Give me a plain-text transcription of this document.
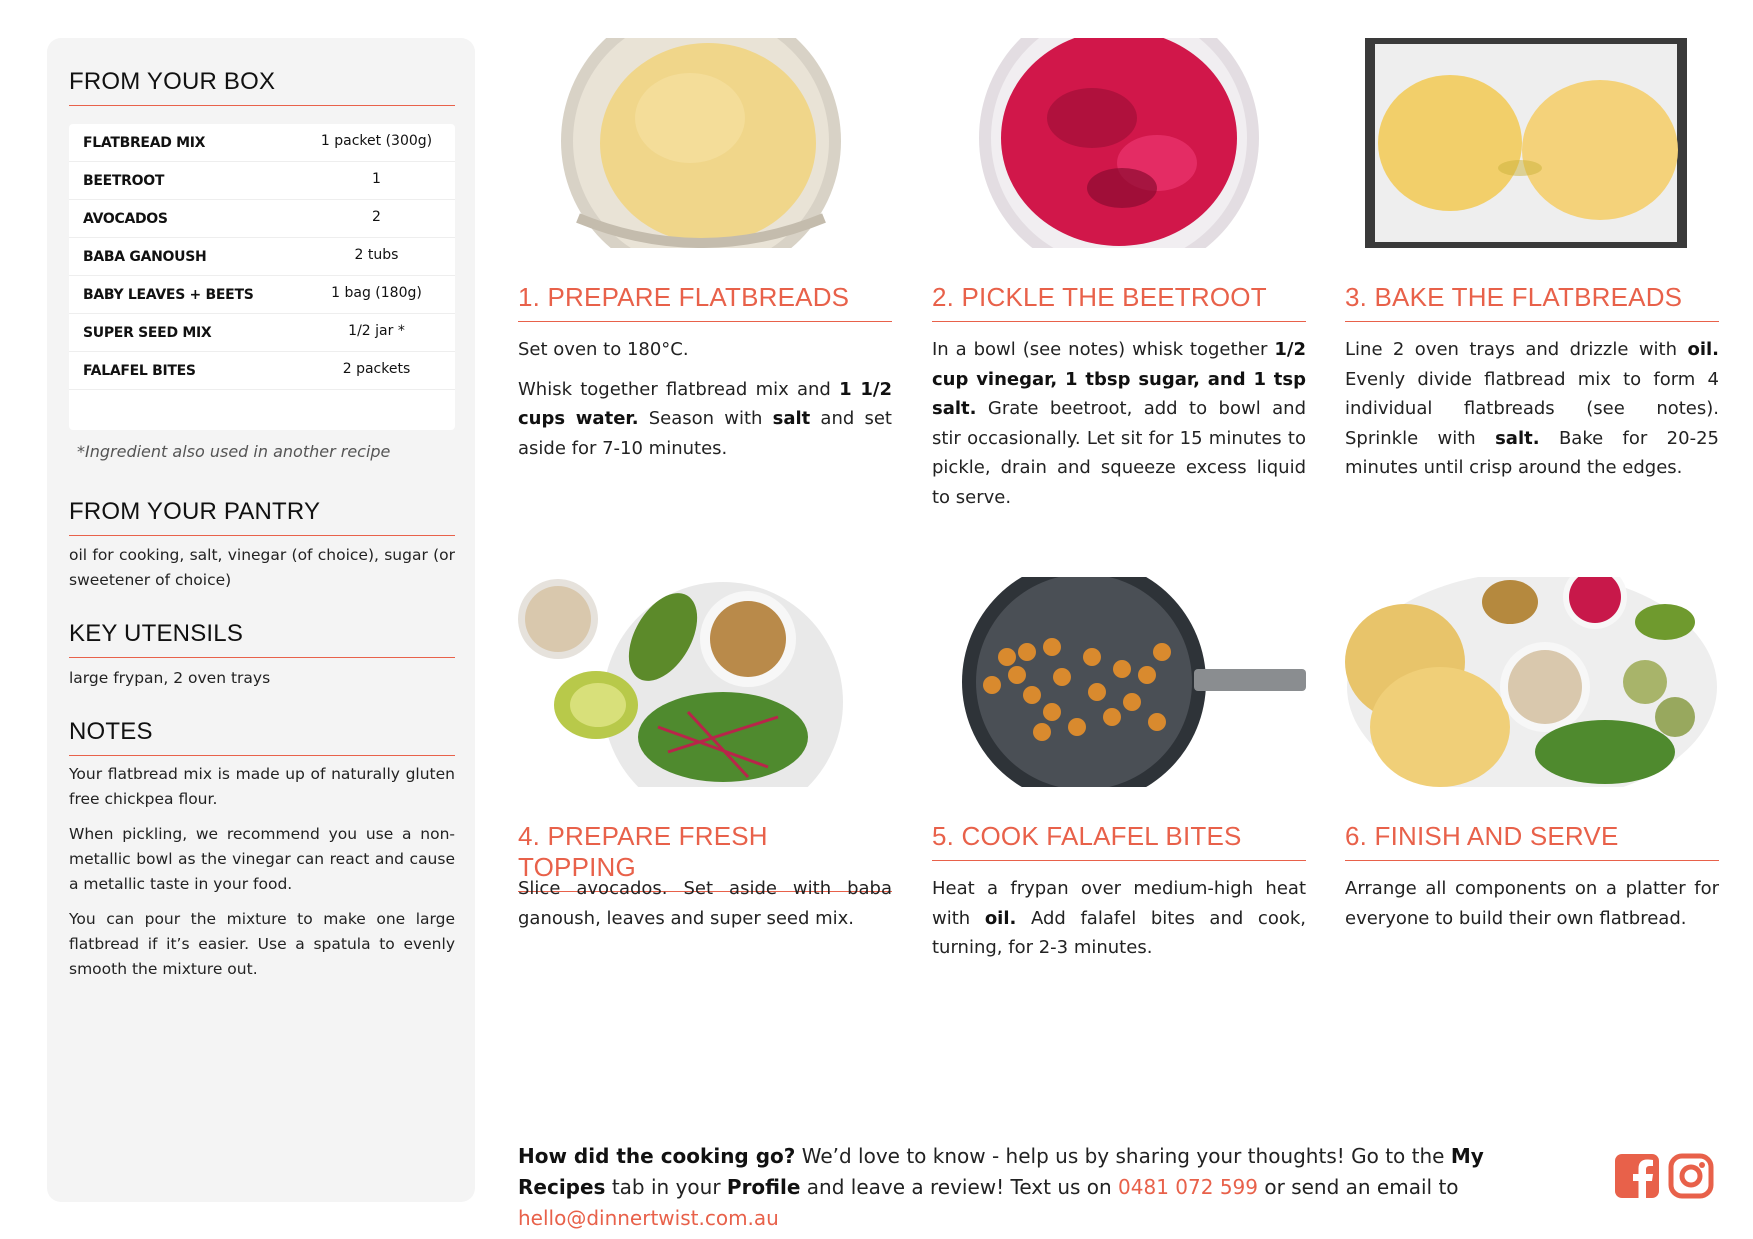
FROM YOUR BOX
FLATBREAD MIX	1 packet (300g)
BEETROOT	1
AVOCADOS	2
BABA GANOUSH	2 tubs
BABY LEAVES + BEETS	1 bag (180g)
SUPER SEED MIX	1/2 jar *
FALAFEL BITES	2 packets
*Ingredient also used in another recipe
FROM YOUR PANTRY
oil for cooking, salt, vinegar (of choice), sugar (or sweetener of choice)
KEY UTENSILS
large frypan, 2 oven trays
NOTES

Your flatbread mix is made up of naturally gluten free chickpea flour.

When pickling, we recommend you use a non-metallic bowl as the vinegar can react and cause a metallic taste in your food.

You can pour the mixture to make one large flatbread if it’s easier. Use a spatula to evenly smooth the mixture out.

1. PREPARE FLATBREADS

Set oven to 180°C.

Whisk together flatbread mix and 1 1/2 cups water. Season with salt and set aside for 7-10 minutes.

2. PICKLE THE BEETROOT

In a bowl (see notes) whisk together 1/2 cup vinegar, 1 tbsp sugar, and 1 tsp salt. Grate beetroot, add to bowl and stir occasionally. Let sit for 15 minutes to pickle, drain and squeeze excess liquid to serve.

3. BAKE THE FLATBREADS

Line 2 oven trays and drizzle with oil. Evenly divide flatbread mix to form 4 individual flatbreads (see notes). Sprinkle with salt. Bake for 20-25 minutes until crisp around the edges.

4. PREPARE FRESH TOPPING

Slice avocados. Set aside with baba ganoush, leaves and super seed mix.

5. COOK FALAFEL BITES

Heat a frypan over medium-high heat with oil. Add falafel bites and cook, turning, for 2-3 minutes.

6. FINISH AND SERVE

Arrange all components on a platter for everyone to build their own flatbread.

How did the cooking go? We’d love to know - help us by sharing your thoughts! Go to the My Recipes tab in your Profile and leave a review! Text us on 0481 072 599 or send an email to hello@dinnertwist.com.au
